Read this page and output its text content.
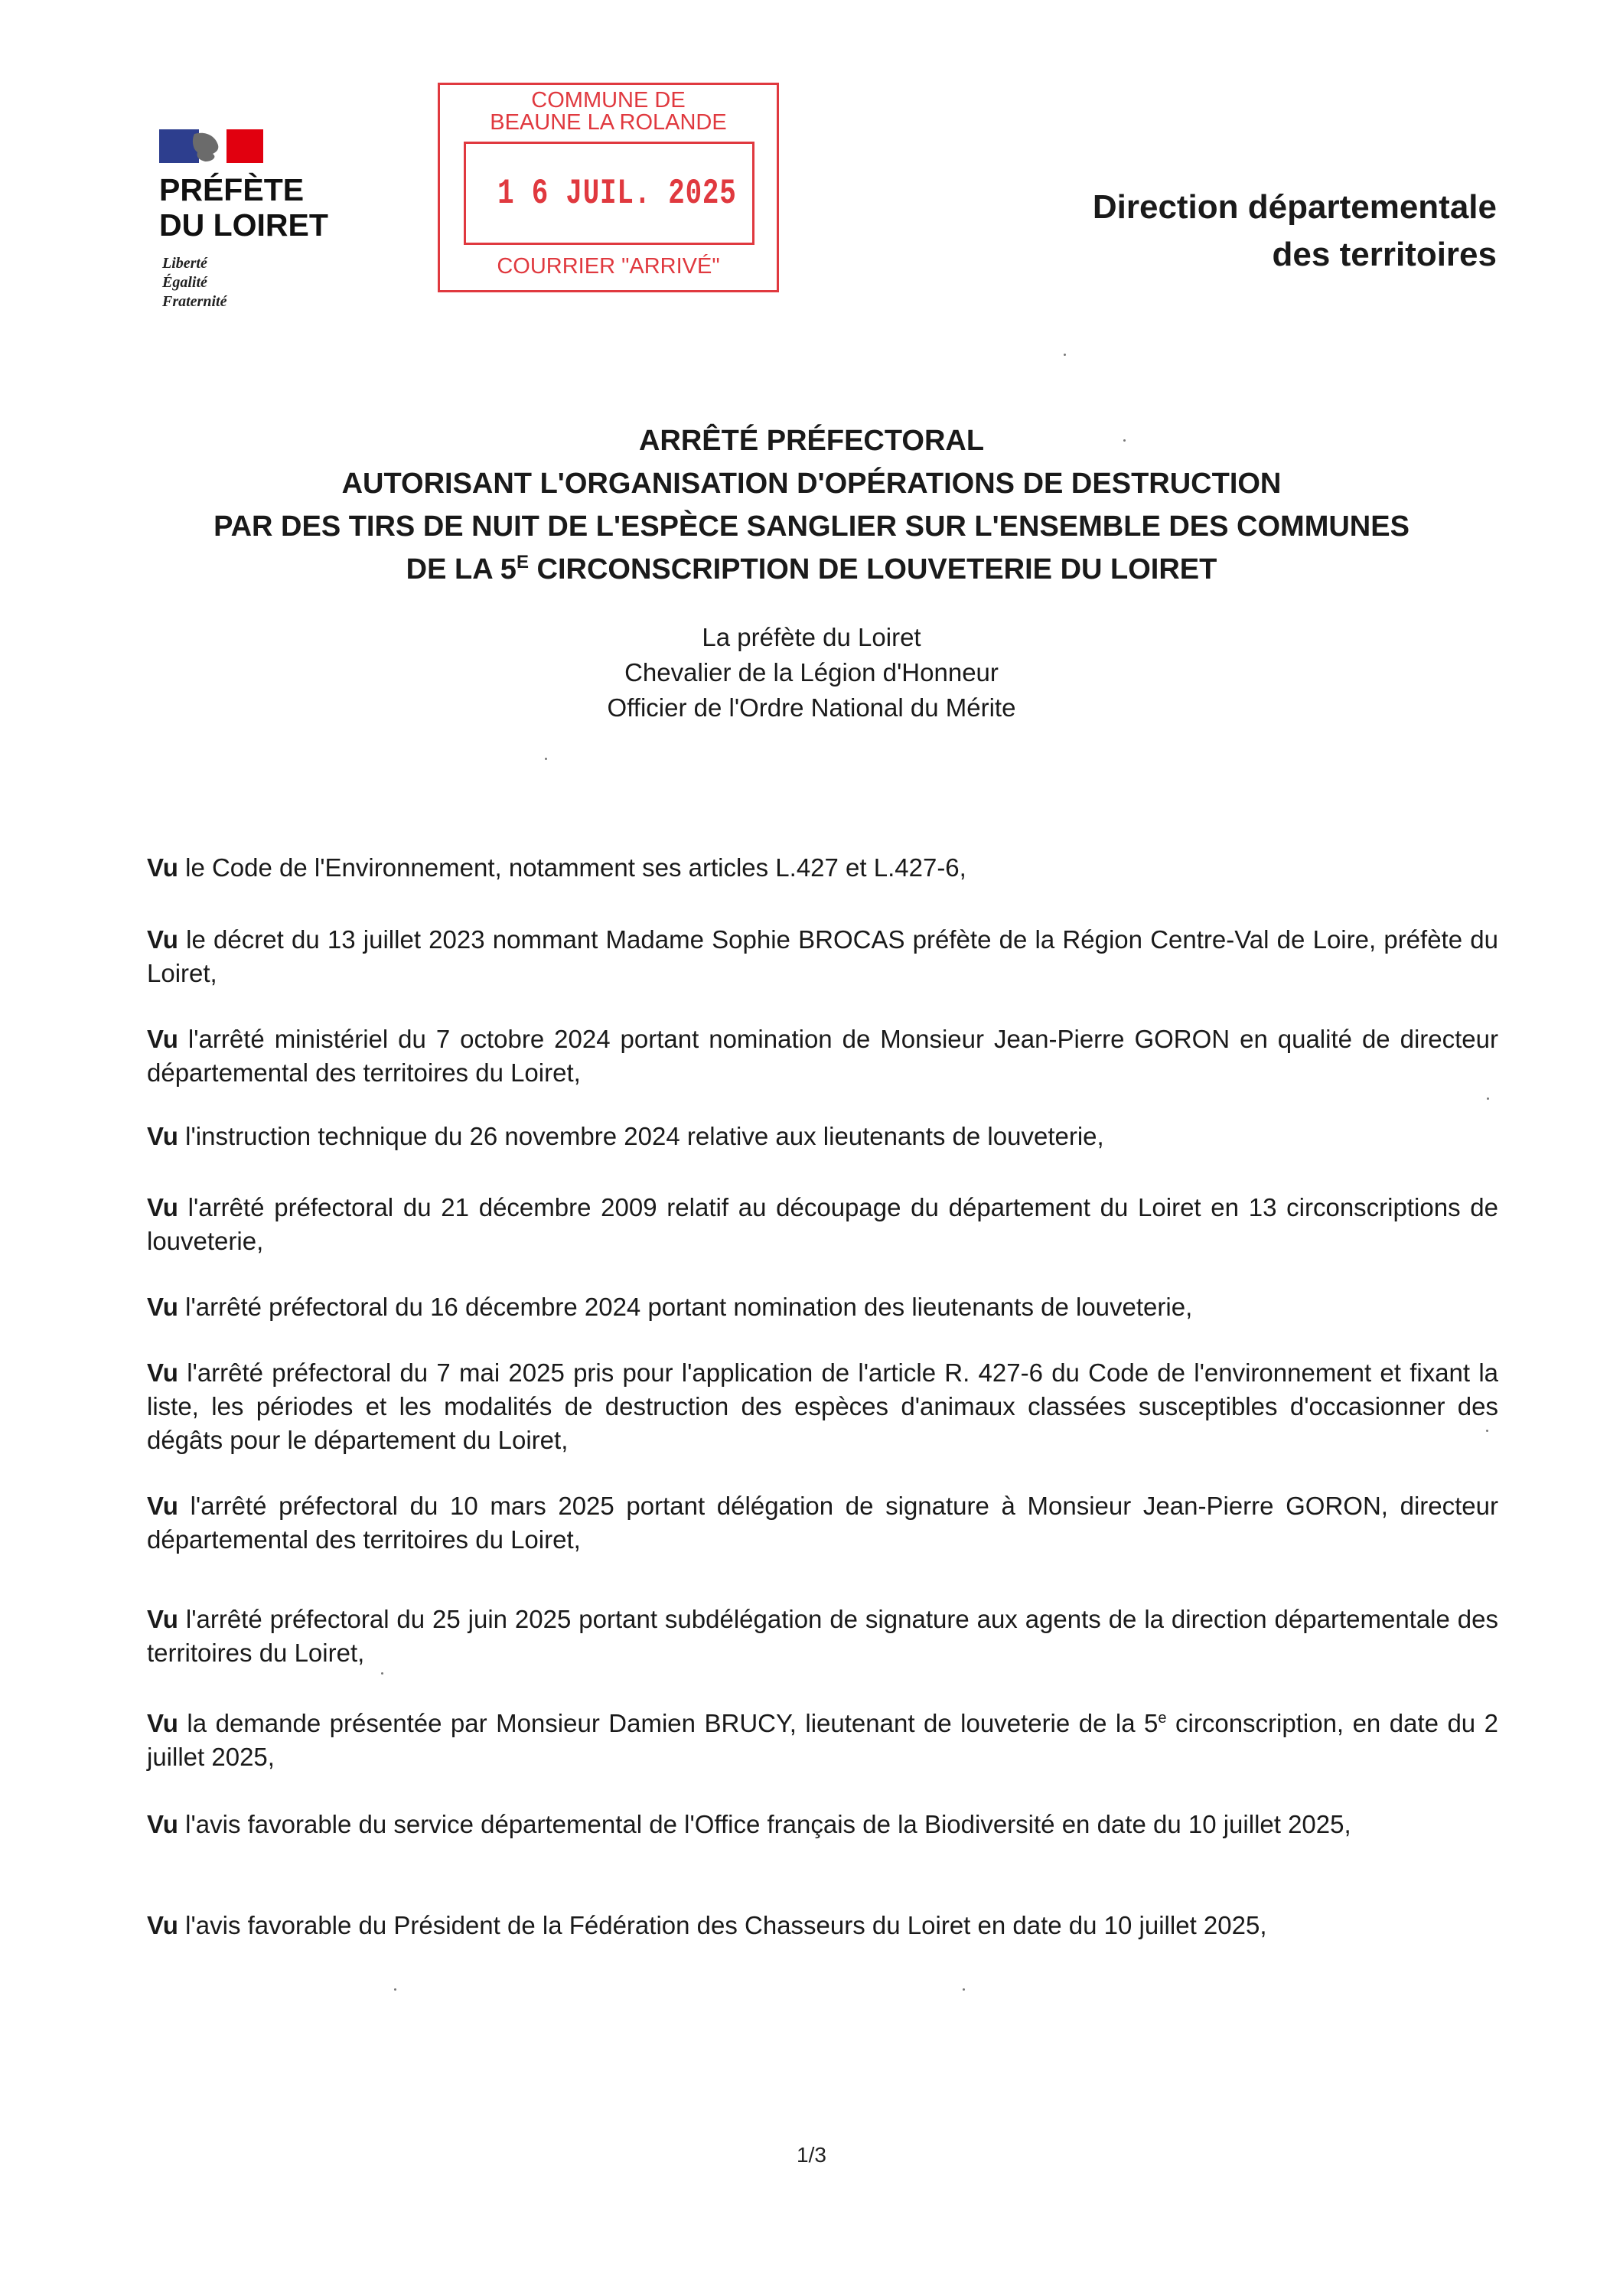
PRÉFÈTE
DU LOIRET
Liberté
Égalité
Fraternité
COMMUNE DE
BEAUNE LA ROLANDE
1 6 JUIL. 2025
COURRIER "ARRIVÉ"
Direction départementale
des territoires
ARRÊTÉ PRÉFECTORAL
AUTORISANT L'ORGANISATION D'OPÉRATIONS DE DESTRUCTION
PAR DES TIRS DE NUIT DE L'ESPÈCE SANGLIER SUR L'ENSEMBLE DES COMMUNES
DE LA $5^E$ CIRCONSCRIPTION DE LOUVETERIE DU LOIRET
La préfète du Loiret
Chevalier de la Légion d'Honneur
Officier de l'Ordre National du Mérite

Vu le Code de l'Environnement, notamment ses articles L.427 et L.427-6,

Vu le décret du 13 juillet 2023 nommant Madame Sophie BROCAS préfète de la Région Centre-Val de Loire, préfète du Loiret,

Vu l'arrêté ministériel du 7 octobre 2024 portant nomination de Monsieur Jean-Pierre GORON en qualité de directeur départemental des territoires du Loiret,

Vu l'instruction technique du 26 novembre 2024 relative aux lieutenants de louveterie,

Vu l'arrêté préfectoral du 21 décembre 2009 relatif au découpage du département du Loiret en 13 circonscriptions de louveterie,

Vu l'arrêté préfectoral du 16 décembre 2024 portant nomination des lieutenants de louveterie,

Vu l'arrêté préfectoral du 7 mai 2025 pris pour l'application de l'article R. 427-6 du Code de l'environnement et fixant la liste, les périodes et les modalités de destruction des espèces d'animaux classées susceptibles d'occasionner des dégâts pour le département du Loiret,

Vu l'arrêté préfectoral du 10 mars 2025 portant délégation de signature à Monsieur Jean-Pierre GORON, directeur départemental des territoires du Loiret,

Vu l'arrêté préfectoral du 25 juin 2025 portant subdélégation de signature aux agents de la direction départementale des territoires du Loiret,

Vu la demande présentée par Monsieur Damien BRUCY, lieutenant de louveterie de la 5e circonscription, en date du 2 juillet 2025,

Vu l'avis favorable du service départemental de l'Office français de la Biodiversité en date du 10 juillet 2025,

Vu l'avis favorable du Président de la Fédération des Chasseurs du Loiret en date du 10 juillet 2025,

1/3
